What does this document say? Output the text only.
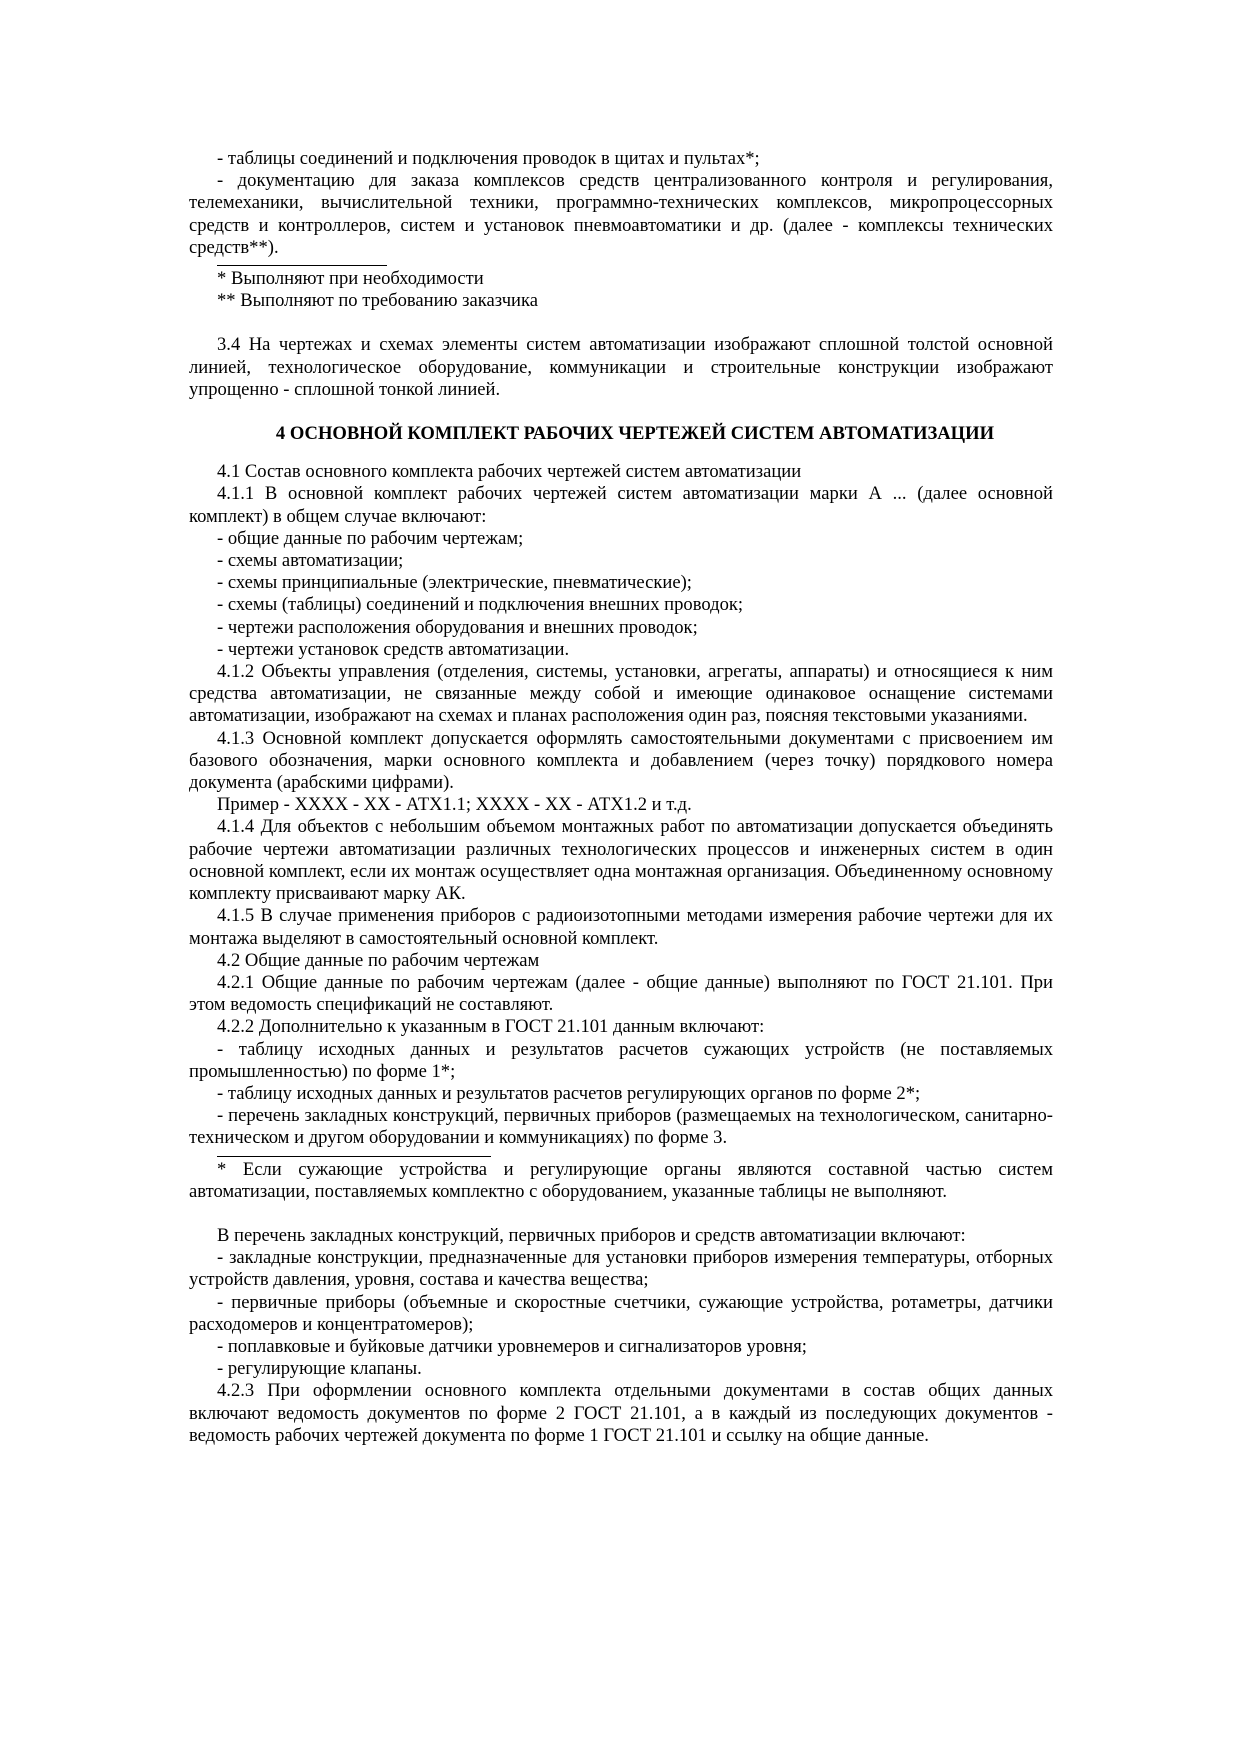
- таблицы соединений и подключения проводок в щитах и пультах*;

- документацию для заказа комплексов средств централизованного контроля и регулирования, телемеханики, вычислительной техники, программно-технических комплексов, микропроцессорных средств и контроллеров, систем и установок пневмоавтоматики и др. (далее - комплексы технических средств**).

* Выполняют при необходимости

** Выполняют по требованию заказчика

3.4 На чертежах и схемах элементы систем автоматизации изображают сплошной толстой основной линией, технологическое оборудование, коммуникации и строительные конструкции изображают упрощенно - сплошной тонкой линией.

4 ОСНОВНОЙ КОМПЛЕКТ РАБОЧИХ ЧЕРТЕЖЕЙ СИСТЕМ АВТОМАТИЗАЦИИ

4.1 Состав основного комплекта рабочих чертежей систем автоматизации

4.1.1 В основной комплект рабочих чертежей систем автоматизации марки А ... (далее основной комплект) в общем случае включают:

- общие данные по рабочим чертежам;

- схемы автоматизации;

- схемы принципиальные (электрические, пневматические);

- схемы (таблицы) соединений и подключения внешних проводок;

- чертежи расположения оборудования и внешних проводок;

- чертежи установок средств автоматизации.

4.1.2 Объекты управления (отделения, системы, установки, агрегаты, аппараты) и относящиеся к ним средства автоматизации, не связанные между собой и имеющие одинаковое оснащение системами автоматизации, изображают на схемах и планах расположения один раз, поясняя текстовыми указаниями.

4.1.3 Основной комплект допускается оформлять самостоятельными документами с присвоением им базового обозначения, марки основного комплекта и добавлением (через точку) порядкового номера документа (арабскими цифрами).

Пример - ХХХХ - ХХ - АТХ1.1; ХХХХ - ХХ - АТХ1.2 и т.д.

4.1.4 Для объектов с небольшим объемом монтажных работ по автоматизации допускается объединять рабочие чертежи автоматизации различных технологических процессов и инженерных систем в один основной комплект, если их монтаж осуществляет одна монтажная организация. Объединенному основному комплекту присваивают марку АК.

4.1.5 В случае применения приборов с радиоизотопными методами измерения рабочие чертежи для их монтажа выделяют в самостоятельный основной комплект.

4.2 Общие данные по рабочим чертежам

4.2.1 Общие данные по рабочим чертежам (далее - общие данные) выполняют по ГОСТ 21.101. При этом ведомость спецификаций не составляют.

4.2.2 Дополнительно к указанным в ГОСТ 21.101 данным включают:

- таблицу исходных данных и результатов расчетов сужающих устройств (не поставляемых промышленностью) по форме 1*;

- таблицу исходных данных и результатов расчетов регулирующих органов по форме 2*;

- перечень закладных конструкций, первичных приборов (размещаемых на технологическом, санитарно-техническом и другом оборудовании и коммуникациях) по форме 3.

* Если сужающие устройства и регулирующие органы являются составной частью систем автоматизации, поставляемых комплектно с оборудованием, указанные таблицы не выполняют.

В перечень закладных конструкций, первичных приборов и средств автоматизации включают:

- закладные конструкции, предназначенные для установки приборов измерения температуры, отборных устройств давления, уровня, состава и качества вещества;

- первичные приборы (объемные и скоростные счетчики, сужающие устройства, ротаметры, датчики расходомеров и концентратомеров);

- поплавковые и буйковые датчики уровнемеров и сигнализаторов уровня;

- регулирующие клапаны.

4.2.3 При оформлении основного комплекта отдельными документами в состав общих данных включают ведомость документов по форме 2 ГОСТ 21.101, а в каждый из последующих документов - ведомость рабочих чертежей документа по форме 1 ГОСТ 21.101 и ссылку на общие данные.
